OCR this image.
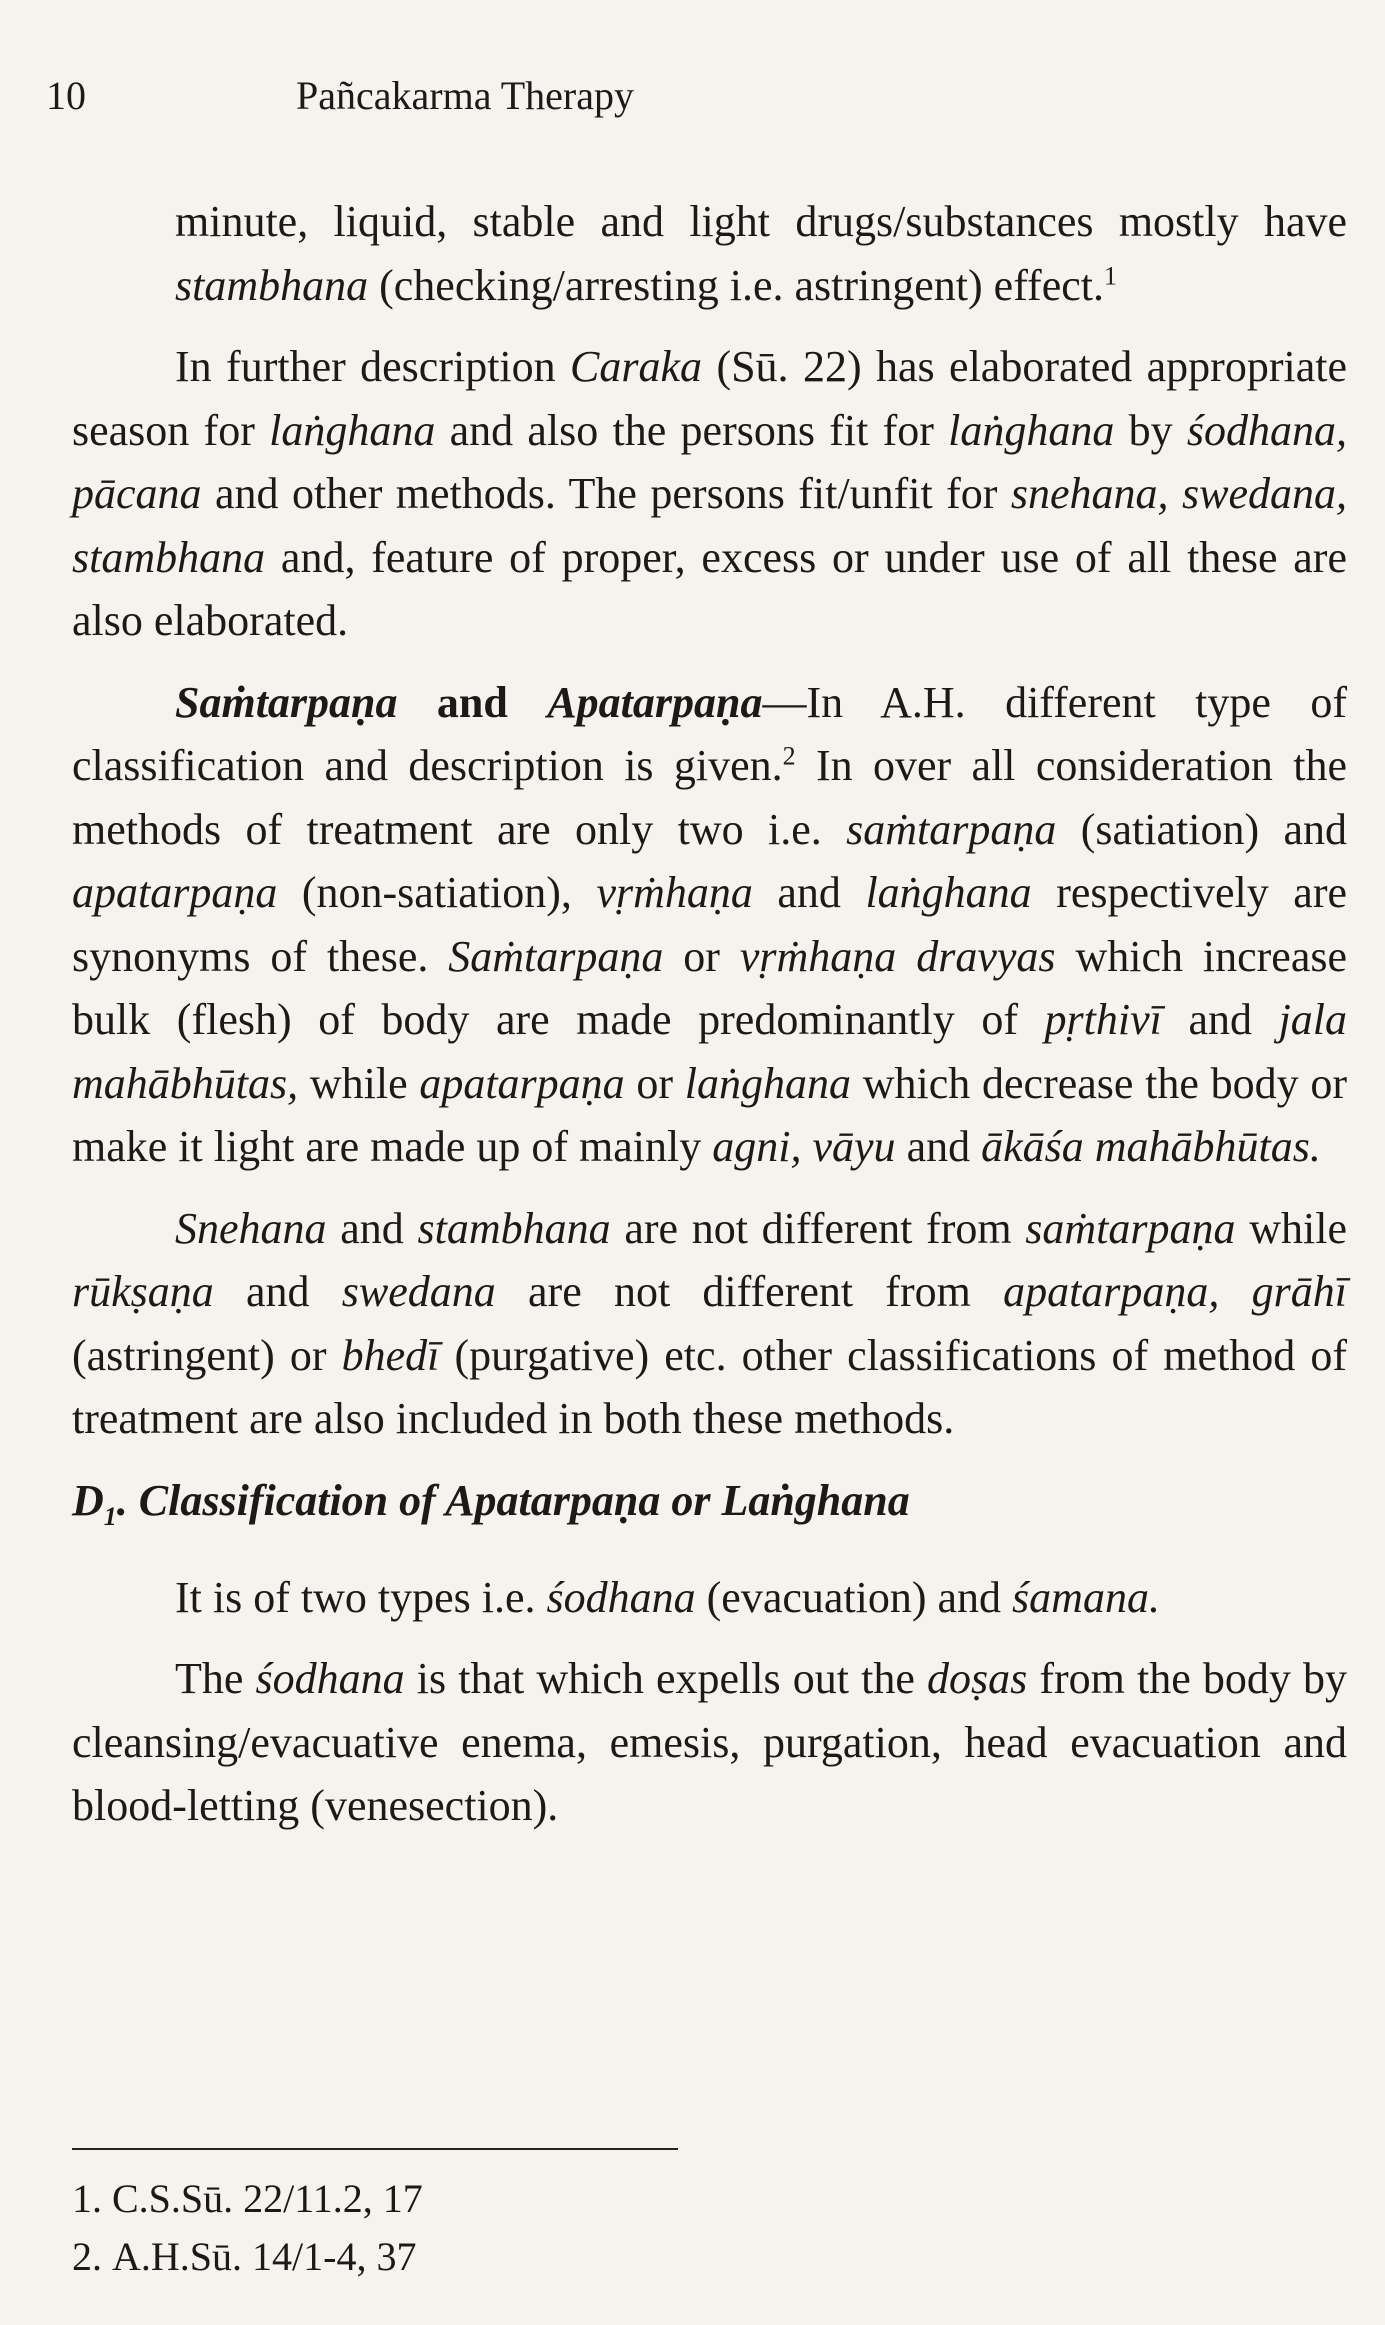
10	Pañcakarma Therapy

minute, liquid, stable and light drugs/substances mostly have stambhana (checking/arresting i.e. astringent) effect.$^1$

In further description Caraka (Sū. 22) has elaborated appropriate season for laṅghana and also the persons fit for laṅghana by śodhana, pācana and other methods. The persons fit/unfit for snehana, swedana, stambhana and, feature of proper, excess or under use of all these are also elaborated.

Saṁtarpaṇa and Apatarpaṇa—In A.H. different type of classification and description is given.$^2$ In over all consideration the methods of treatment are only two i.e. saṁtarpaṇa (satiation) and apatarpaṇa (non-satiation), vṛṁhaṇa and laṅghana respectively are synonyms of these. Saṁtarpaṇa or vṛṁhaṇa dravyas which increase bulk (flesh) of body are made predominantly of pṛthivī and jala mahābhūtas, while apatarpaṇa or laṅghana which decrease the body or make it light are made up of mainly agni, vāyu and ākāśa mahābhūtas.

Snehana and stambhana are not different from saṁtarpaṇa while rūkṣaṇa and swedana are not different from apatarpaṇa, grāhī (astringent) or bhedī (purgative) etc. other classifications of method of treatment are also included in both these methods.

$D_1$. Classification of Apatarpaṇa or Laṅghana

It is of two types i.e. śodhana (evacuation) and śamana.

The śodhana is that which expells out the doṣas from the body by cleansing/evacuative enema, emesis, purgation, head evacuation and blood-letting (venesection).

1. C.S.Sū. 22/11.2, 17
2. A.H.Sū. 14/1-4, 37
